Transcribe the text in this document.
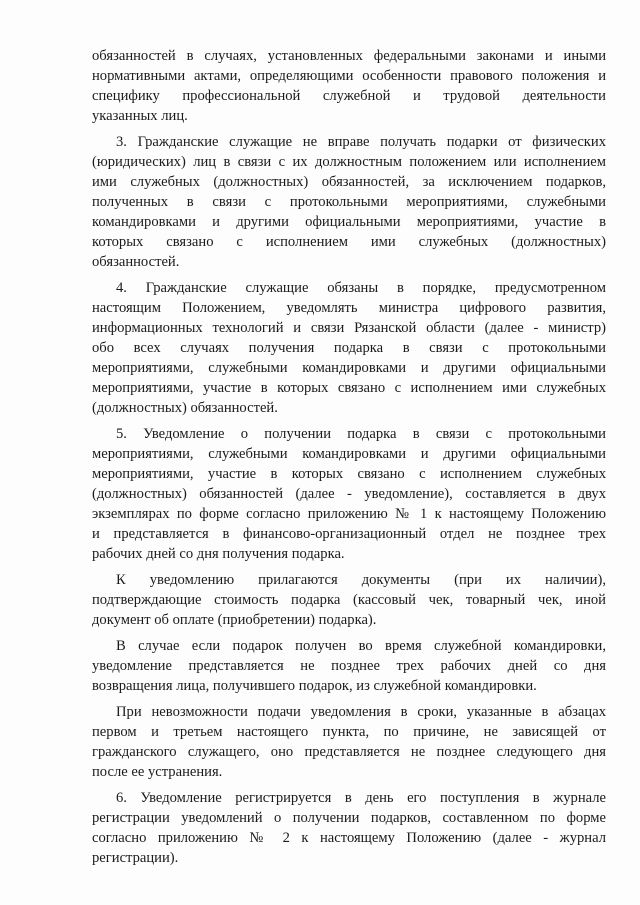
обязанностей в случаях, установленных федеральными законами и иными
нормативными актами, определяющими особенности правового положения и
специфику профессиональной служебной и трудовой деятельности
указанных лиц.
3. Гражданские служащие не вправе получать подарки от физических
(юридических) лиц в связи с их должностным положением или исполнением
ими служебных (должностных) обязанностей, за исключением подарков,
полученных в связи с протокольными мероприятиями, служебными
командировками и другими официальными мероприятиями, участие в
которых связано с исполнением ими служебных (должностных)
обязанностей.
4. Гражданские служащие обязаны в порядке, предусмотренном
настоящим Положением, уведомлять министра цифрового развития,
информационных технологий и связи Рязанской области (далее - министр)
обо всех случаях получения подарка в связи с протокольными
мероприятиями, служебными командировками и другими официальными
мероприятиями, участие в которых связано с исполнением ими служебных
(должностных) обязанностей.
5. Уведомление о получении подарка в связи с протокольными
мероприятиями, служебными командировками и другими официальными
мероприятиями, участие в которых связано с исполнением служебных
(должностных) обязанностей (далее - уведомление), составляется в двух
экземплярах по форме согласно приложению № 1 к настоящему Положению
и представляется в финансово-организационный отдел не позднее трех
рабочих дней со дня получения подарка.
К уведомлению прилагаются документы (при их наличии),
подтверждающие стоимость подарка (кассовый чек, товарный чек, иной
документ об оплате (приобретении) подарка).
В случае если подарок получен во время служебной командировки,
уведомление представляется не позднее трех рабочих дней со дня
возвращения лица, получившего подарок, из служебной командировки.
При невозможности подачи уведомления в сроки, указанные в абзацах
первом и третьем настоящего пункта, по причине, не зависящей от
гражданского служащего, оно представляется не позднее следующего дня
после ее устранения.
6. Уведомление регистрируется в день его поступления в журнале
регистрации уведомлений о получении подарков, составленном по форме
согласно приложению № 2 к настоящему Положению (далее - журнал
регистрации).
